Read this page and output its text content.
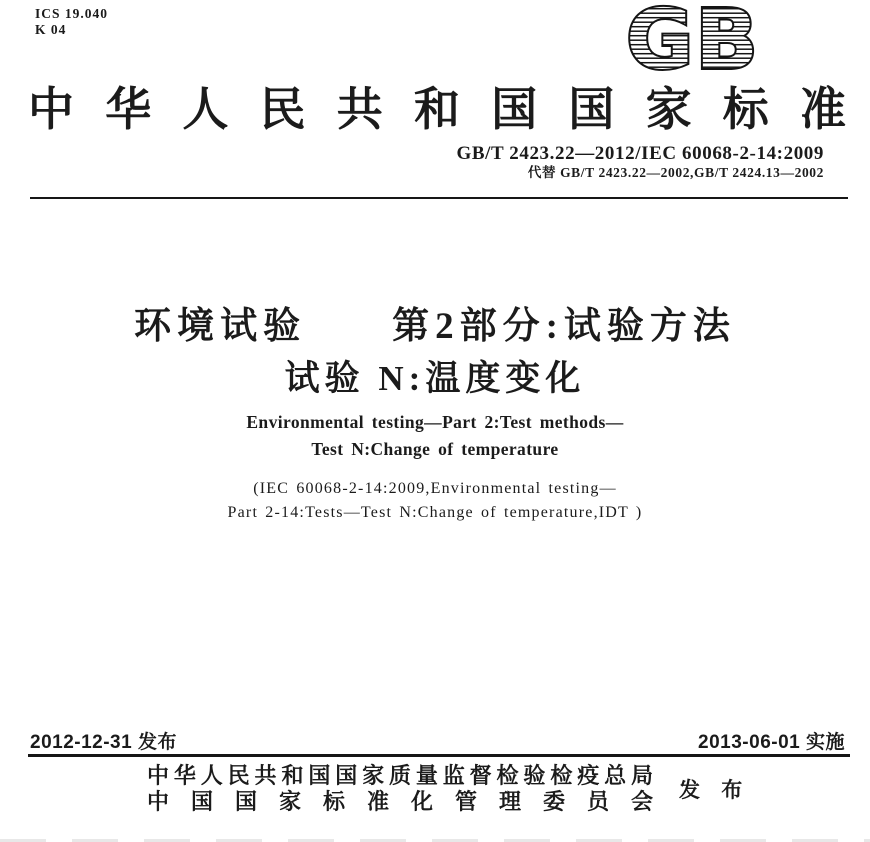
ICS 19.040
K 04	GB
中华人民共和国国家标准
GB/T 2423.22—2012/IEC 60068-2-14:2009
代替 GB/T 2423.22—2002,GB/T 2424.13—2002
环境试验　　第2部分:试验方法
试验 N:温度变化
Environmental testing—Part 2:Test methods—
Test N:Change of temperature
(IEC 60068-2-14:2009,Environmental testing—
Part 2-14:Tests—Test N:Change of temperature,IDT )
2012-12-31 发布	2013-06-01 实施
中华人民共和国国家质量监督检验检疫总局
中国国家标准化管理委员会 发 布
